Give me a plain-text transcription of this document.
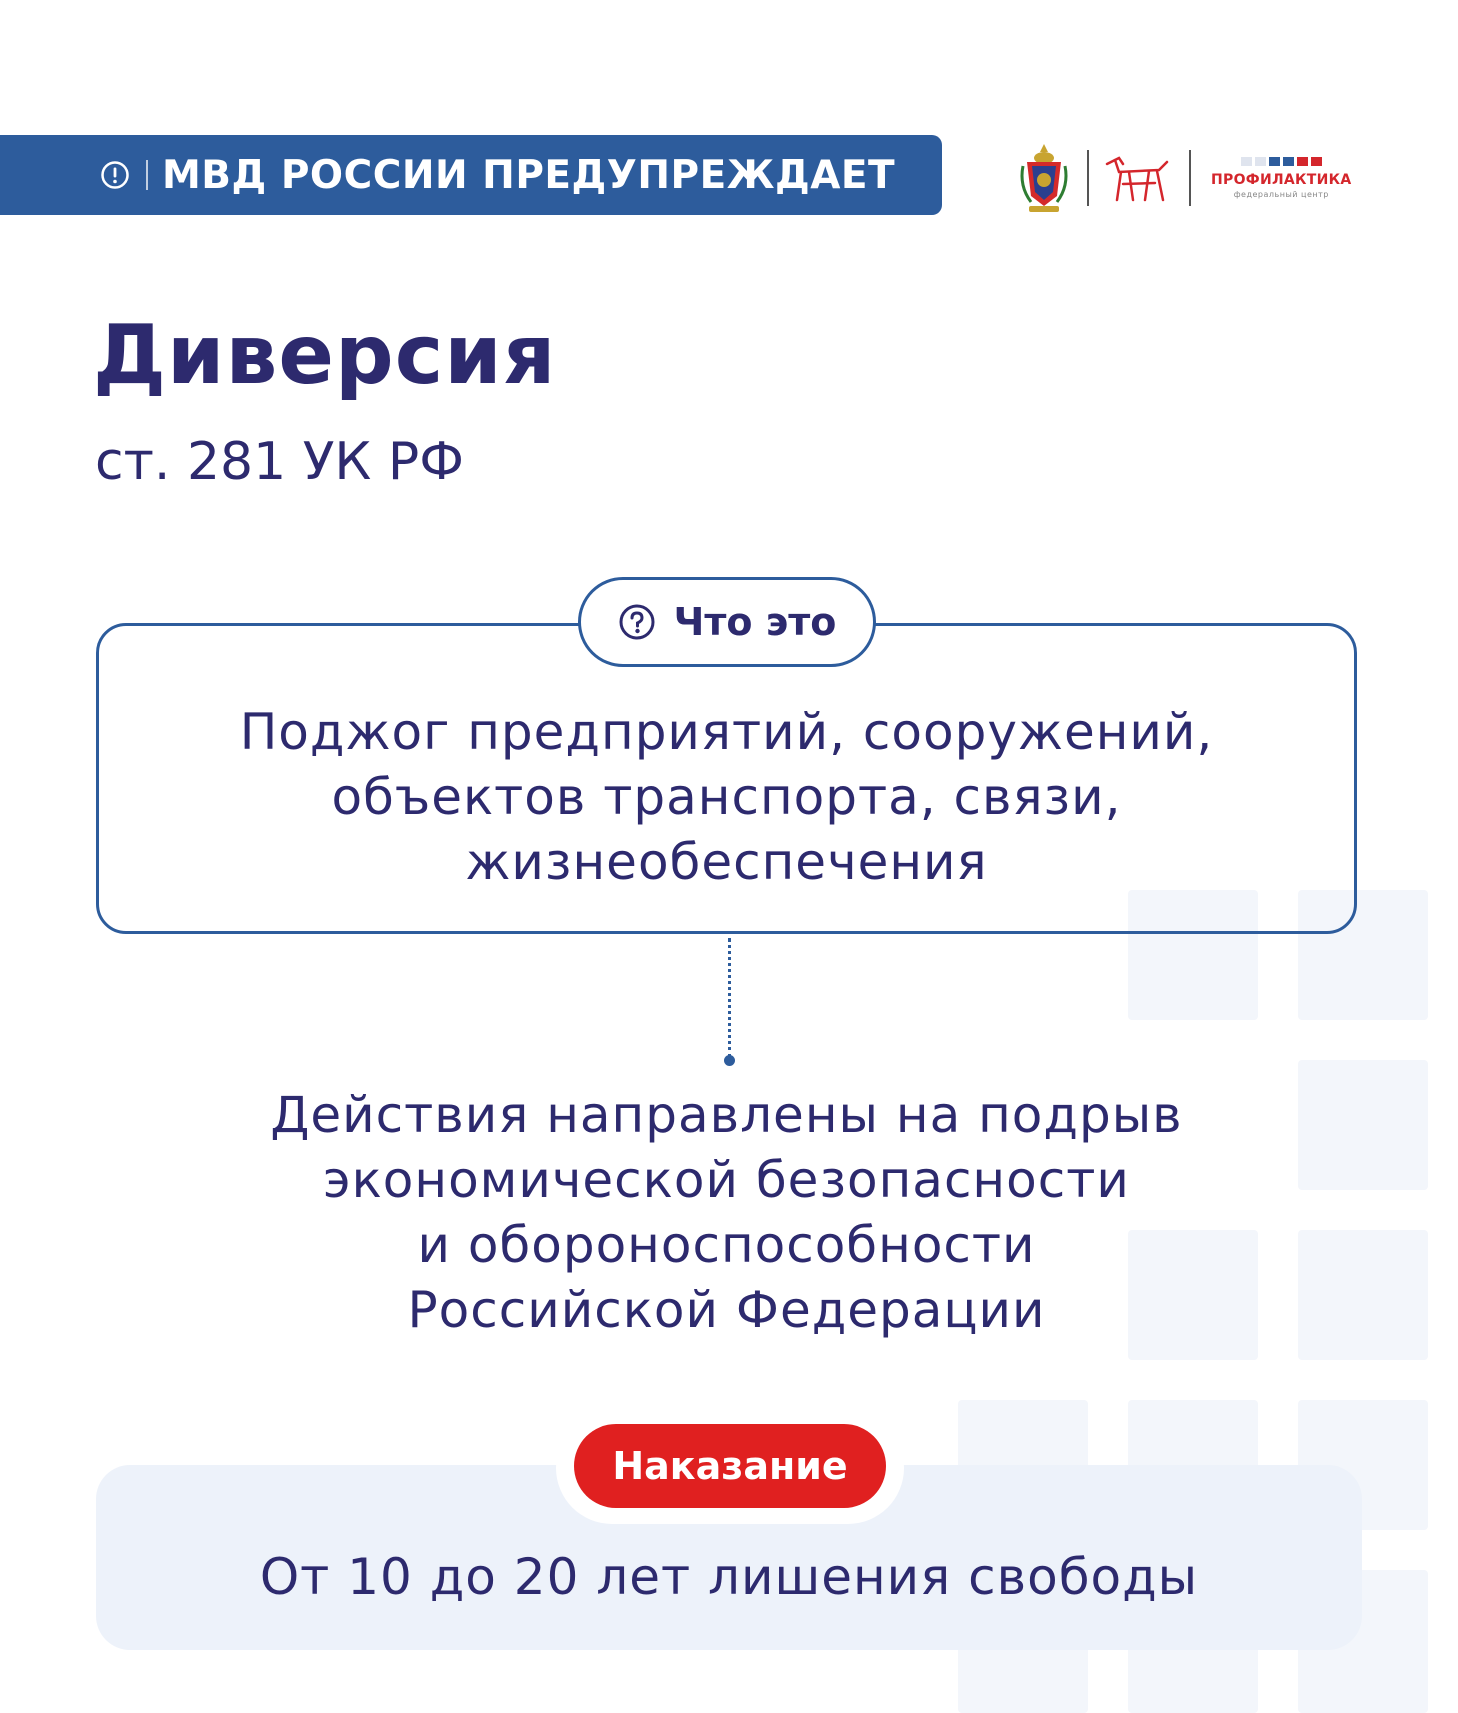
МВД РОССИИ ПРЕДУПРЕЖДАЕТ	ПРОФИЛАКТИКА
федеральный центр
Диверсия

ст. 281 УК РФ

Что это
Поджог предприятий, сооружений,
объектов транспорта, связи,
жизнеобеспечения
Действия направлены на подрыв
экономической безопасности
и обороноспособности
Российской Федерации
Наказание
От 10 до 20 лет лишения свободы
